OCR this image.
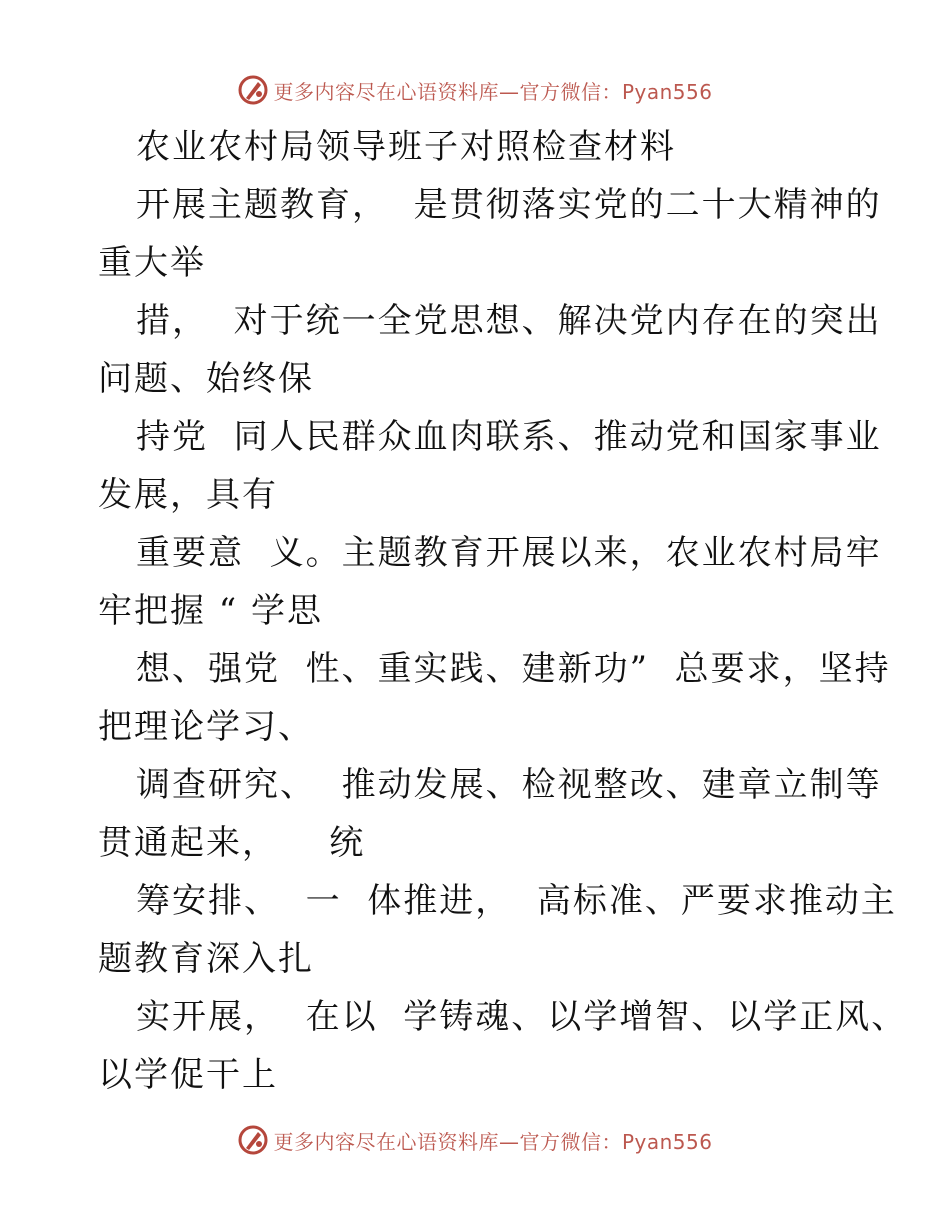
更多内容尽在心语资料库—官方微信：Pyan556
农业农村局领导班子对照检查材料
开展主题教育，  是贯彻落实党的二十大精神的
重大举
措，  对于统一全党思想、解决党内存在的突出
问题、始终保
持党  同人民群众血肉联系、推动党和国家事业
发展，具有
重要意  义。主题教育开展以来，农业农村局牢
牢把握 “ 学思
想、强党  性、重实践、建新功”  总要求，坚持
把理论学习、
调查研究、  推动发展、检视整改、建章立制等
贯通起来，    统
筹安排、  一  体推进，  高标准、严要求推动主
题教育深入扎
实开展，  在以  学铸魂、以学增智、以学正风、
以学促干上
更多内容尽在心语资料库—官方微信：Pyan556
